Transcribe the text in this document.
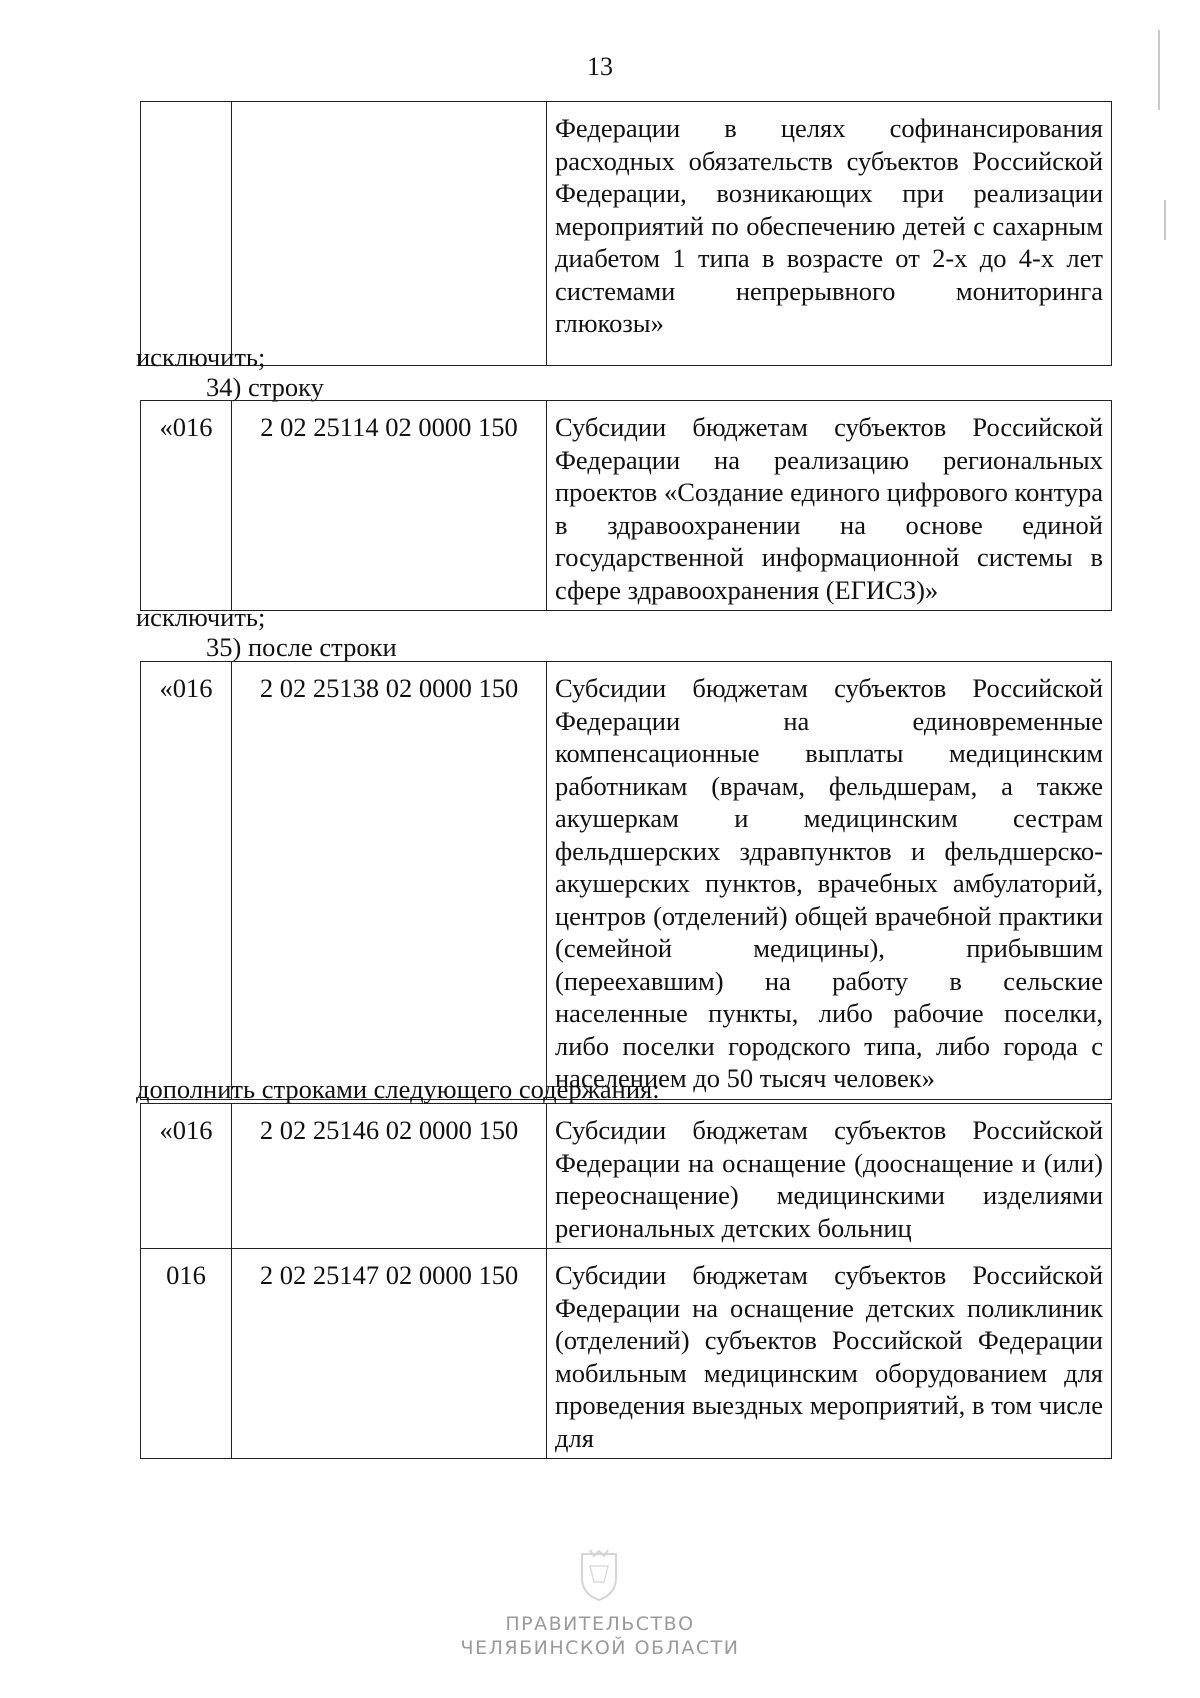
13
		Федерации в целях софинансирования расходных обязательств субъектов Российской Федерации, возникающих при реализации мероприятий по обеспечению детей с сахарным диабетом 1 типа в возрасте от 2-х до 4-х лет системами непрерывного мониторинга глюкозы»
исключить;
34) строку
«016	2 02 25114 02 0000 150	Субсидии бюджетам субъектов Российской Федерации на реализацию региональных проектов «Создание единого цифрового контура в здравоохранении на основе единой государственной информационной системы в сфере здравоохранения (ЕГИСЗ)»
исключить;
35) после строки
«016	2 02 25138 02 0000 150	Субсидии бюджетам субъектов Российской Федерации на единовременные компенсационные выплаты медицинским работникам (врачам, фельдшерам, а также акушеркам и медицинским сестрам фельдшерских здравпунктов и фельдшерско-акушерских пунктов, врачебных амбулаторий, центров (отделений) общей врачебной практики (семейной медицины), прибывшим (переехавшим) на работу в сельские населенные пункты, либо рабочие поселки, либо поселки городского типа, либо города с населением до 50 тысяч человек»
дополнить строками следующего содержания:
«016	2 02 25146 02 0000 150	Субсидии бюджетам субъектов Российской Федерации на оснащение (дооснащение и (или) переоснащение) медицинскими изделиями региональных детских больниц
016	2 02 25147 02 0000 150	Субсидии бюджетам субъектов Российской Федерации на оснащение детских поликлиник (отделений) субъектов Российской Федерации мобильным медицинским оборудованием для проведения выездных мероприятий, в том числе для
ПРАВИТЕЛЬСТВО
ЧЕЛЯБИНСКОЙ ОБЛАСТИ
